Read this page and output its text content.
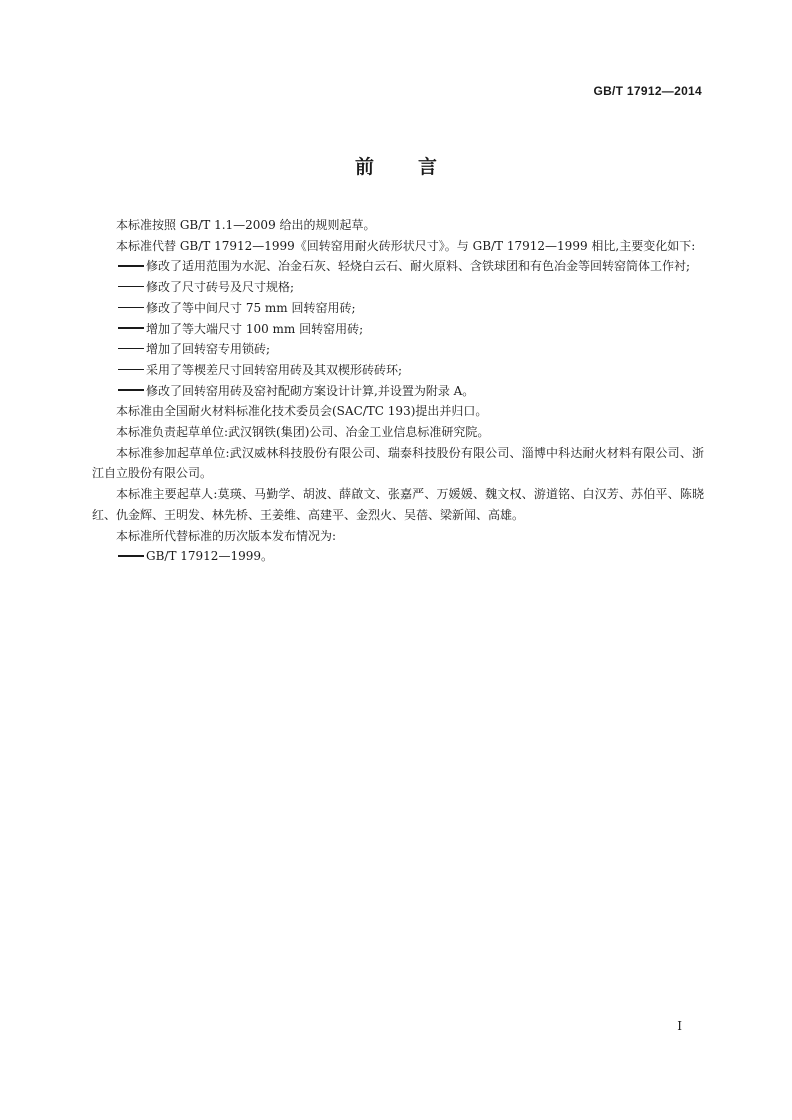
GB/T 17912—2014
前言

本标准按照 GB/T 1.1—2009 给出的规则起草。

本标准代替 GB/T 17912—1999《回转窑用耐火砖形状尺寸》。与 GB/T 17912—1999 相比,主要变化如下:

修改了适用范围为水泥、冶金石灰、轻烧白云石、耐火原料、含铁球团和有色冶金等回转窑筒体工作衬;

修改了尺寸砖号及尺寸规格;

修改了等中间尺寸 75 mm 回转窑用砖;

增加了等大端尺寸 100 mm 回转窑用砖;

增加了回转窑专用锁砖;

采用了等楔差尺寸回转窑用砖及其双楔形砖砖环;

修改了回转窑用砖及窑衬配砌方案设计计算,并设置为附录 A。

本标准由全国耐火材料标准化技术委员会(SAC/TC 193)提出并归口。

本标准负责起草单位:武汉钢铁(集团)公司、冶金工业信息标准研究院。

本标准参加起草单位:武汉威林科技股份有限公司、瑞泰科技股份有限公司、淄博中科达耐火材料有限公司、浙江自立股份有限公司。

本标准主要起草人:莫瑛、马勤学、胡波、薛啟文、张嘉严、万媛媛、魏文权、游道铭、白汉芳、苏伯平、陈晓红、仇金辉、王明发、林先桥、王姜维、高建平、金烈火、吴蓓、梁新闻、高雄。

本标准所代替标准的历次版本发布情况为:

GB/T 17912—1999。

I
